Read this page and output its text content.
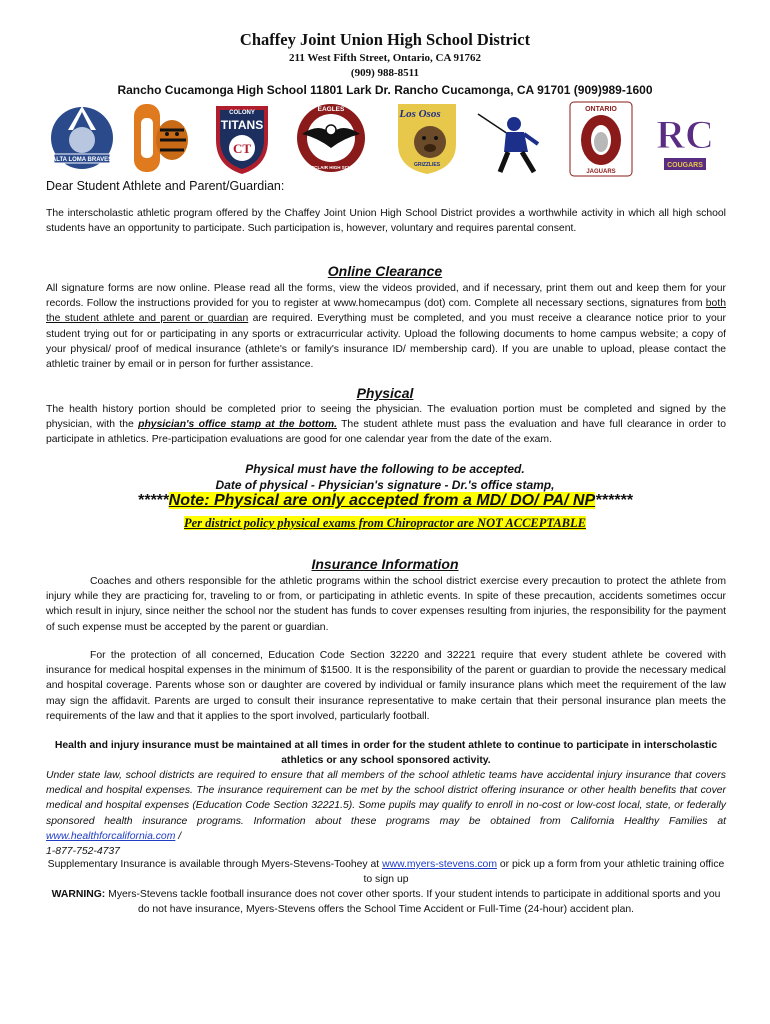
Chaffey Joint Union High School District
211 West Fifth Street, Ontario, CA 91762
(909) 988-8511
Rancho Cucamonga High School 11801 Lark Dr. Rancho Cucamonga, CA 91701 (909)989-1600
ALTA LOMA BRAVES
COLONY
TITANS
CT
EAGLES
MONTCLAIR HIGH SCHOOL
Los Osos
GRIZZLIES
ONTARIO
JAGUARS
RC
COUGARS
Dear Student Athlete and Parent/Guardian:
The interscholastic athletic program offered by the Chaffey Joint Union High School District provides a worthwhile activity in which all high school students have an opportunity to participate. Such participation is, however, voluntary and requires parental consent.
Online Clearance
All signature forms are now online. Please read all the forms, view the videos provided, and if necessary, print them out and keep them for your records. Follow the instructions provided for you to register at www.homecampus (dot) com. Complete all necessary sections, signatures from both the student athlete and parent or guardian are required. Everything must be completed, and you must receive a clearance notice prior to your student trying out for or participating in any sports or extracurricular activity. Upload the following documents to home campus website; a copy of your physical/ proof of medical insurance (athlete's or family's insurance ID/ membership card). If you are unable to upload, please contact the athletic trainer by email or in person for further assistance.
Physical
The health history portion should be completed prior to seeing the physician. The evaluation portion must be completed and signed by the physician, with the physician's office stamp at the bottom. The student athlete must pass the evaluation and have full clearance in order to participate in athletics. Pre-participation evaluations are good for one calendar year from the date of the exam.
Physical must have the following to be accepted.
Date of physical - Physician's signature - Dr.'s office stamp,
*****Note: Physical are only accepted from a MD/ DO/ PA/ NP******
Per district policy physical exams from Chiropractor are NOT ACCEPTABLE
Insurance Information
Coaches and others responsible for the athletic programs within the school district exercise every precaution to protect the athlete from injury while they are practicing for, traveling to or from, or participating in athletic events. In spite of these precaution, accidents sometimes occur which result in injury, since neither the school nor the student has funds to cover expenses resulting from injuries, the responsibility for the payment of such expense must be accepted by the parent or guardian.
For the protection of all concerned, Education Code Section 32220 and 32221 require that every student athlete be covered with insurance for medical hospital expenses in the minimum of $1500. It is the responsibility of the parent or guardian to provide the necessary medical and hospital coverage. Parents whose son or daughter are covered by individual or family insurance plans which meet the requirement of the law may sign the affidavit. Parents are urged to consult their insurance representative to make certain that their personal insurance plan meets the requirements of the law and that it applies to the sport involved, particularly football.
Health and injury insurance must be maintained at all times in order for the student athlete to continue to participate in interscholastic athletics or any school sponsored activity.
Under state law, school districts are required to ensure that all members of the school athletic teams have accidental injury insurance that covers medical and hospital expenses. The insurance requirement can be met by the school district offering insurance or other health benefits that cover medical and hospital expenses (Education Code Section 32221.5). Some pupils may qualify to enroll in no-cost or low-cost local, state, or federally sponsored health insurance programs. Information about these programs may be obtained from California Healthy Families at www.healthforcalifornia.com /
1-877-752-4737
Supplementary Insurance is available through Myers-Stevens-Toohey at www.myers-stevens.com or pick up a form from your athletic training office to sign up
WARNING: Myers-Stevens tackle football insurance does not cover other sports. If your student intends to participate in additional sports and you do not have insurance, Myers-Stevens offers the School Time Accident or Full-Time (24-hour) accident plan.
